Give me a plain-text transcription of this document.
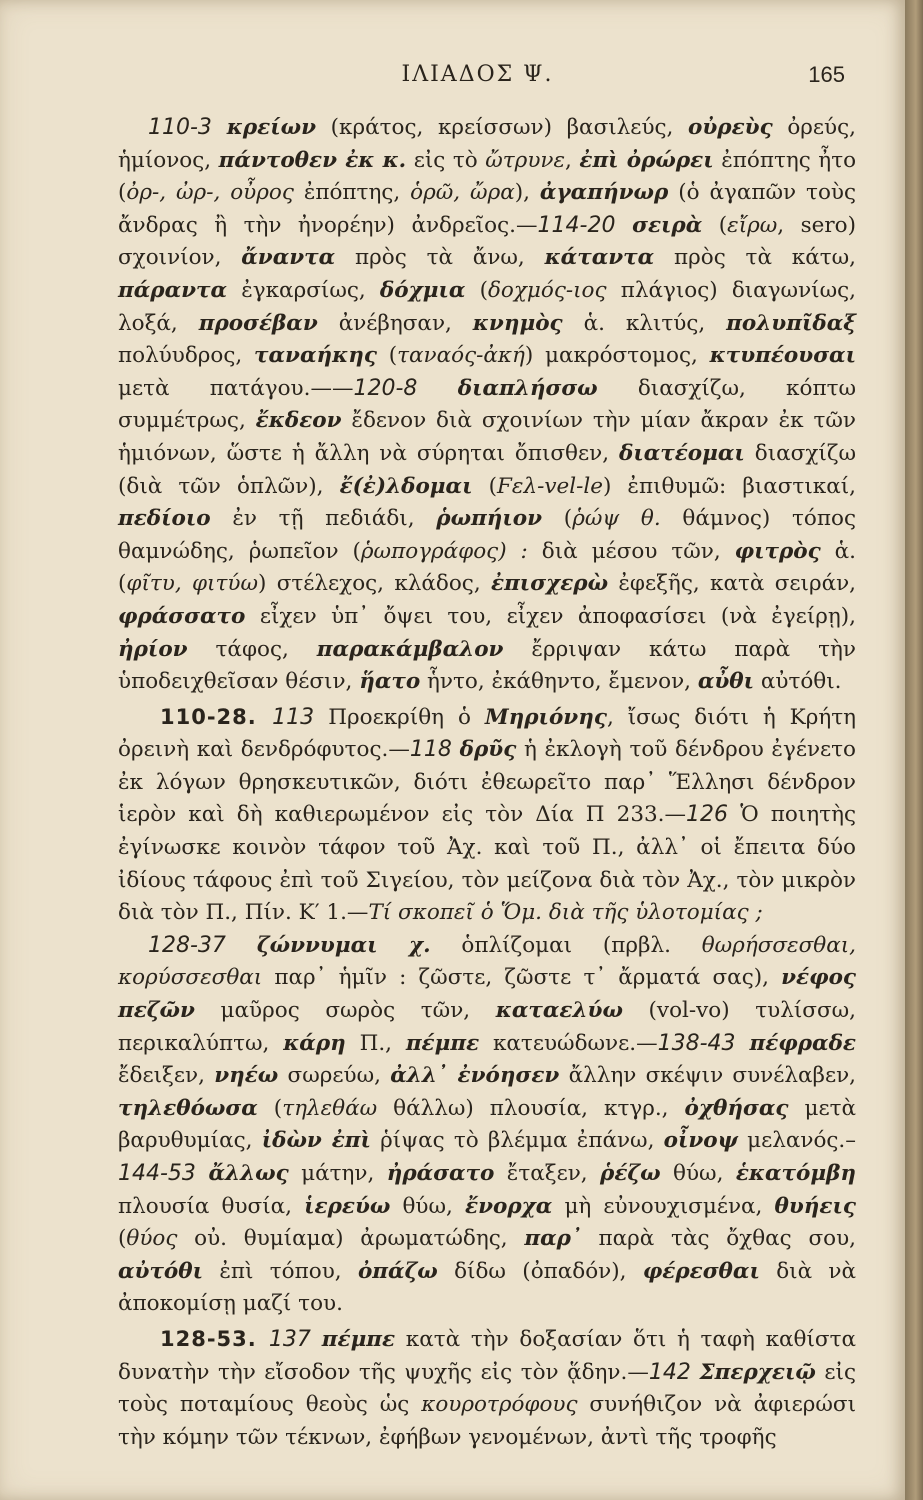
ΙΛΙΑΔΟΣ Ψ.	165

110-3 κρείων (κράτος, κρείσσων) βασιλεύς, οὐρεὺς ὀρεύς, ἡμίονος, πάντοθεν ἐκ κ. εἰς τὸ ὤτρυνε, ἐπὶ ὀρώρει ἐπόπτης ἦτο (ὀρ-, ὠρ-, οὖρος ἐπόπτης, ὁρῶ, ὤρα), ἀγαπήνωρ (ὁ ἀγαπῶν τοὺς ἄνδρας ἢ τὴν ἠνορέην) ἀνδρεῖος.—114-20 σειρὰ (εἴρω, sero) σχοινίον, ἄναντα πρὸς τὰ ἄνω, κάταντα πρὸς τὰ κάτω, πάραντα ἐγκαρσίως, δόχμια (δοχμός-ιος πλάγιος) διαγωνίως, λοξά, προσέβαν ἀνέβησαν, κνημὸς ἁ. κλιτύς, πολυπῖδαξ πολύυδρος, ταναήκης (ταναός-ἀκή) μακρόστομος, κτυπέουσαι μετὰ πατάγου.——120-8 διαπλήσσω διασχίζω, κόπτω συμμέτρως, ἔκδεον ἔδενον διὰ σχοινίων τὴν μίαν ἄκραν ἐκ τῶν ἡμιόνων, ὥστε ἡ ἄλλη νὰ σύρηται ὄπισθεν, διατέομαι διασχίζω (διὰ τῶν ὁπλῶν), ἔ(ἐ)λδομαι (Ϝελ-vel-le) ἐπιθυμῶ: βιαστικαί, πεδίοιο ἐν τῇ πεδιάδι, ῥωπήιον (ῥώψ θ. θάμνος) τόπος θαμνώδης, ῥωπεῖον (ῥωπογράφος) : διὰ μέσου τῶν, φιτρὸς ἁ. (φῖτυ, φιτύω) στέλεχος, κλάδος, ἐπισχερὼ ἐφεξῆς, κατὰ σειράν, φράσσατο εἶχεν ὑπ᾽ ὄψει του, εἶχεν ἀποφασίσει (νὰ ἐγείρῃ), ἠρίον τάφος, παρακάμβαλον ἔρριψαν κάτω παρὰ τὴν ὑποδειχθεῖσαν θέσιν, ἥατο ἧντο, ἐκάθηντο, ἔμενον, αὖθι αὐτόθι.

110-28. 113 Προεκρίθη ὁ Μηριόνης, ἴσως διότι ἡ Κρήτη ὀρεινὴ καὶ δενδρόφυτος.—118 δρῦς ἡ ἐκλογὴ τοῦ δένδρου ἐγένετο ἐκ λόγων θρησκευτικῶν, διότι ἐθεωρεῖτο παρ᾽ Ἕλλησι δένδρον ἱερὸν καὶ δὴ καθιερωμένον εἰς τὸν Δία Π 233.—126 Ὁ ποιητὴς ἐγίνωσκε κοινὸν τάφον τοῦ Ἀχ. καὶ τοῦ Π., ἀλλ᾽ οἱ ἔπειτα δύο ἰδίους τάφους ἐπὶ τοῦ Σιγείου, τὸν μείζονα διὰ τὸν Ἀχ., τὸν μικρὸν διὰ τὸν Π., Πίν. Κ′ 1.—Τί σκοπεῖ ὁ Ὅμ. διὰ τῆς ὑλοτομίας ;

128-37 ζώννυμαι χ. ὁπλίζομαι (πρβλ. θωρήσσεσθαι, κορύσσεσθαι παρ᾽ ἡμῖν : ζῶστε, ζῶστε τ᾽ ἄρματά σας), νέφος πεζῶν μαῦρος σωρὸς τῶν, καταελύω (vol-vo) τυλίσσω, περικαλύπτω, κάρη Π., πέμπε κατευώδωνε.—138-43 πέφραδε ἔδειξεν, νηέω σωρεύω, ἀλλ᾽ ἐνόησεν ἄλλην σκέψιν συνέλαβεν, τηλεθόωσα (τηλεθάω θάλλω) πλουσία, κτγρ., ὀχθήσας μετὰ βαρυθυμίας, ἰδὼν ἐπὶ ῥίψας τὸ βλέμμα ἐπάνω, οἶνοψ μελανός.– 144-53 ἄλλως μάτην, ἠράσατο ἔταξεν, ῥέζω θύω, ἑκατόμβη πλουσία θυσία, ἱερεύω θύω, ἔνορχα μὴ εὐνουχισμένα, θυήεις (θύος οὐ. θυμίαμα) ἀρωματώδης, παρ᾽ παρὰ τὰς ὄχθας σου, αὐτόθι ἐπὶ τόπου, ὀπάζω δίδω (ὀπαδόν), φέρεσθαι διὰ νὰ ἀποκομίσῃ μαζί του.

128-53. 137 πέμπε κατὰ τὴν δοξασίαν ὅτι ἡ ταφὴ καθίστα δυνατὴν τὴν εἴσοδον τῆς ψυχῆς εἰς τὸν ᾅδην.—142 Σπερχειῷ εἰς τοὺς ποταμίους θεοὺς ὡς κουροτρόφους συνήθιζον νὰ ἀφιερώσι τὴν κόμην τῶν τέκνων, ἐφήβων γενομένων, ἀντὶ τῆς τροφῆς
